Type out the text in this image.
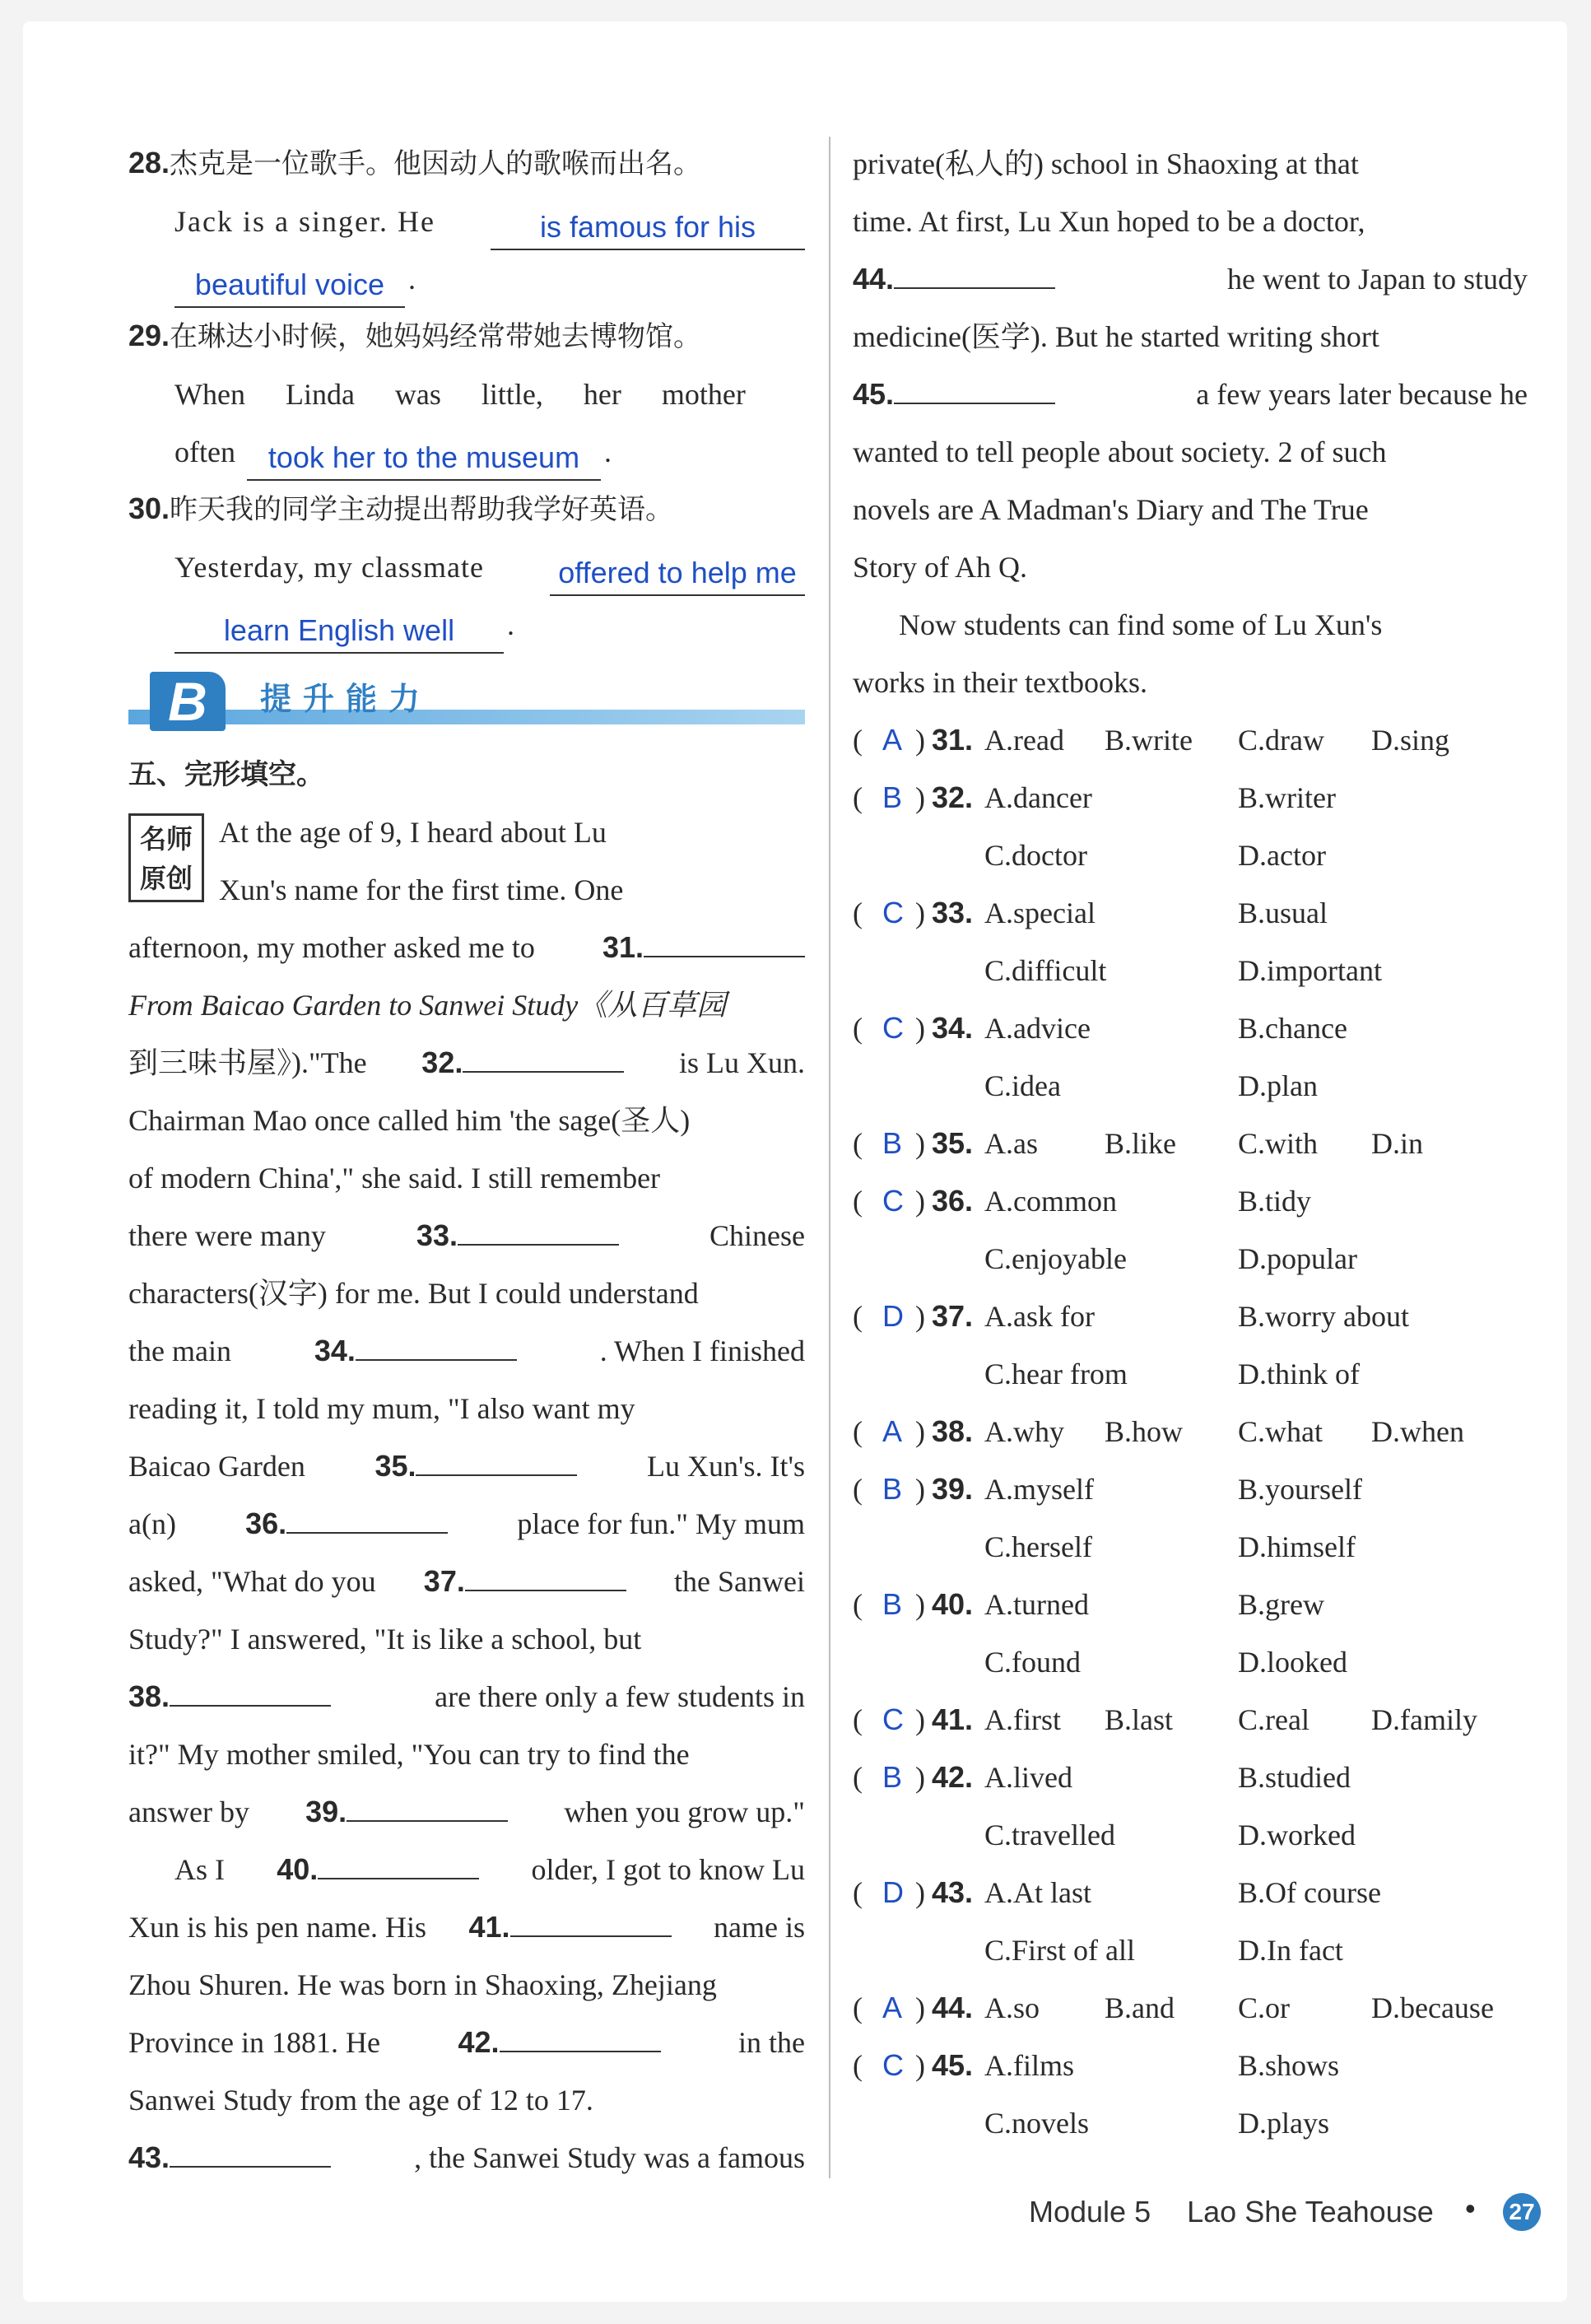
28.杰克是一位歌手。他因动人的歌喉而出名。
Jack is a singer. He	is famous for his
beautiful voice .
29.在琳达小时候，她妈妈经常带她去博物馆。
When Linda was little, her mother
often	took her to the museum .
30.昨天我的同学主动提出帮助我学好英语。
Yesterday, my classmate	offered to help me
learn English well	.
B	提升能力
五、完形填空。
名师
原创
At the age of 9, I heard about Lu
Xun's name for the first time. One
afternoon, my mother asked me to 31.
From Baicao Garden to Sanwei Study《从百草园
到三味书屋》)."The 32.	is Lu Xun.
Chairman Mao once called him 'the sage(圣人)
of modern China'," she said. I still remember
there were many	33.	Chinese
characters(汉字) for me. But I could understand
the main	34.	. When I finished
reading it, I told my mum, "I also want my
Baicao Garden 35.	Lu Xun's. It's
a(n) 36.	place for fun." My mum
asked, "What do you 37.	the Sanwei
Study?" I answered, "It is like a school, but
38.	are there only a few students in
it?" My mother smiled, "You can try to find the
answer by 39.	when you grow up."
As I 40.	older, I got to know Lu
Xun is his pen name. His 41.	name is
Zhou Shuren. He was born in Shaoxing, Zhejiang
Province in 1881. He	42.	in the
Sanwei Study from the age of 12 to 17.
43.	, the Sanwei Study was a famous
private(私人的) school in Shaoxing at that
time. At first, Lu Xun hoped to be a doctor,
44.	he went to Japan to study
medicine(医学). But he started writing short
45.	a few years later because he
wanted to tell people about society. 2 of such
novels are A Madman's Diary and The True
Story of Ah Q.
Now students can find some of Lu Xun's
works in their textbooks.
( A ) 31. A.read B.write C.draw D.sing
( B ) 32. A.dancer	B.writer
C.doctor	D.actor
( C ) 33. A.special	B.usual
C.difficult	D.important
( C ) 34. A.advice	B.chance
C.idea	D.plan
( B ) 35. A.as B.like C.with D.in
( C ) 36. A.common	B.tidy
C.enjoyable	D.popular
( D ) 37. A.ask for	B.worry about
C.hear from	D.think of
( A ) 38. A.why B.how C.what D.when
( B ) 39. A.myself	B.yourself
C.herself	D.himself
( B ) 40. A.turned	B.grew
C.found	D.looked
( C ) 41. A.first B.last C.real D.family
( B ) 42. A.lived	B.studied
C.travelled	D.worked
( D ) 43. A.At last	B.Of course
C.First of all	D.In fact
( A ) 44. A.so B.and C.or	D.because
( C ) 45. A.films	B.shows
C.novels	D.plays
Module 5 Lao She Teahouse • 27
